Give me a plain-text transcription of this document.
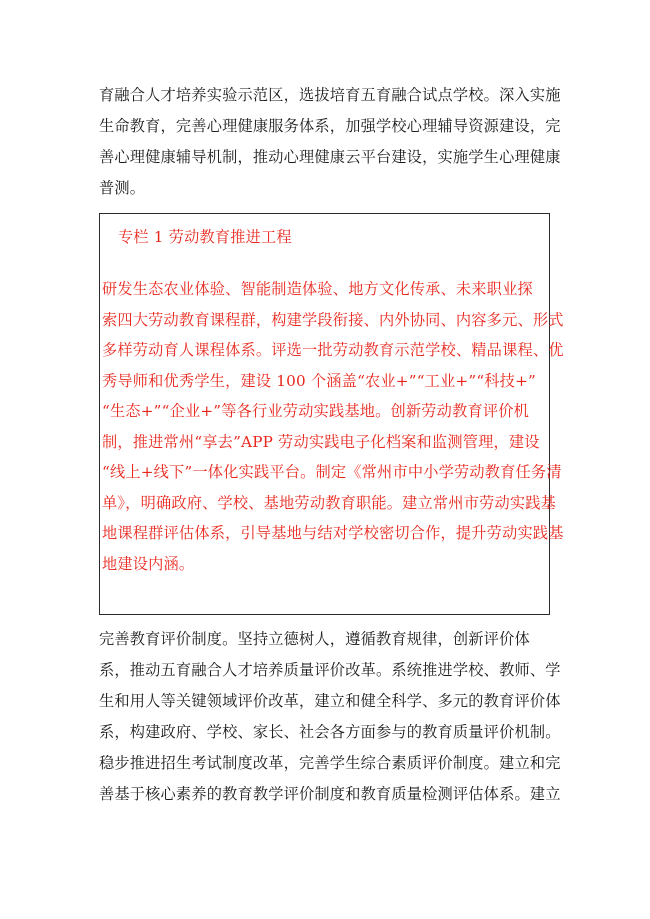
育融合人才培养实验示范区，选拔培育五育融合试点学校。深入实施
生命教育，完善心理健康服务体系，加强学校心理辅导资源建设，完
善心理健康辅导机制，推动心理健康云平台建设，实施学生心理健康
普测。
专栏 1 劳动教育推进工程
研发生态农业体验、智能制造体验、地方文化传承、未来职业探
索四大劳动教育课程群，构建学段衔接、内外协同、内容多元、形式
多样劳动育人课程体系。评选一批劳动教育示范学校、精品课程、优
秀导师和优秀学生，建设 100 个涵盖“农业+”“工业+”“科技+”
“生态+”“企业+”等各行业劳动实践基地。创新劳动教育评价机
制，推进常州“享去”APP 劳动实践电子化档案和监测管理，建设
“线上+线下”一体化实践平台。制定《常州市中小学劳动教育任务清
单》，明确政府、学校、基地劳动教育职能。建立常州市劳动实践基
地课程群评估体系，引导基地与结对学校密切合作，提升劳动实践基
地建设内涵。
完善教育评价制度。坚持立德树人，遵循教育规律，创新评价体
系，推动五育融合人才培养质量评价改革。系统推进学校、教师、学
生和用人等关键领域评价改革，建立和健全科学、多元的教育评价体
系，构建政府、学校、家长、社会各方面参与的教育质量评价机制。
稳步推进招生考试制度改革，完善学生综合素质评价制度。建立和完
善基于核心素养的教育教学评价制度和教育质量检测评估体系。建立
